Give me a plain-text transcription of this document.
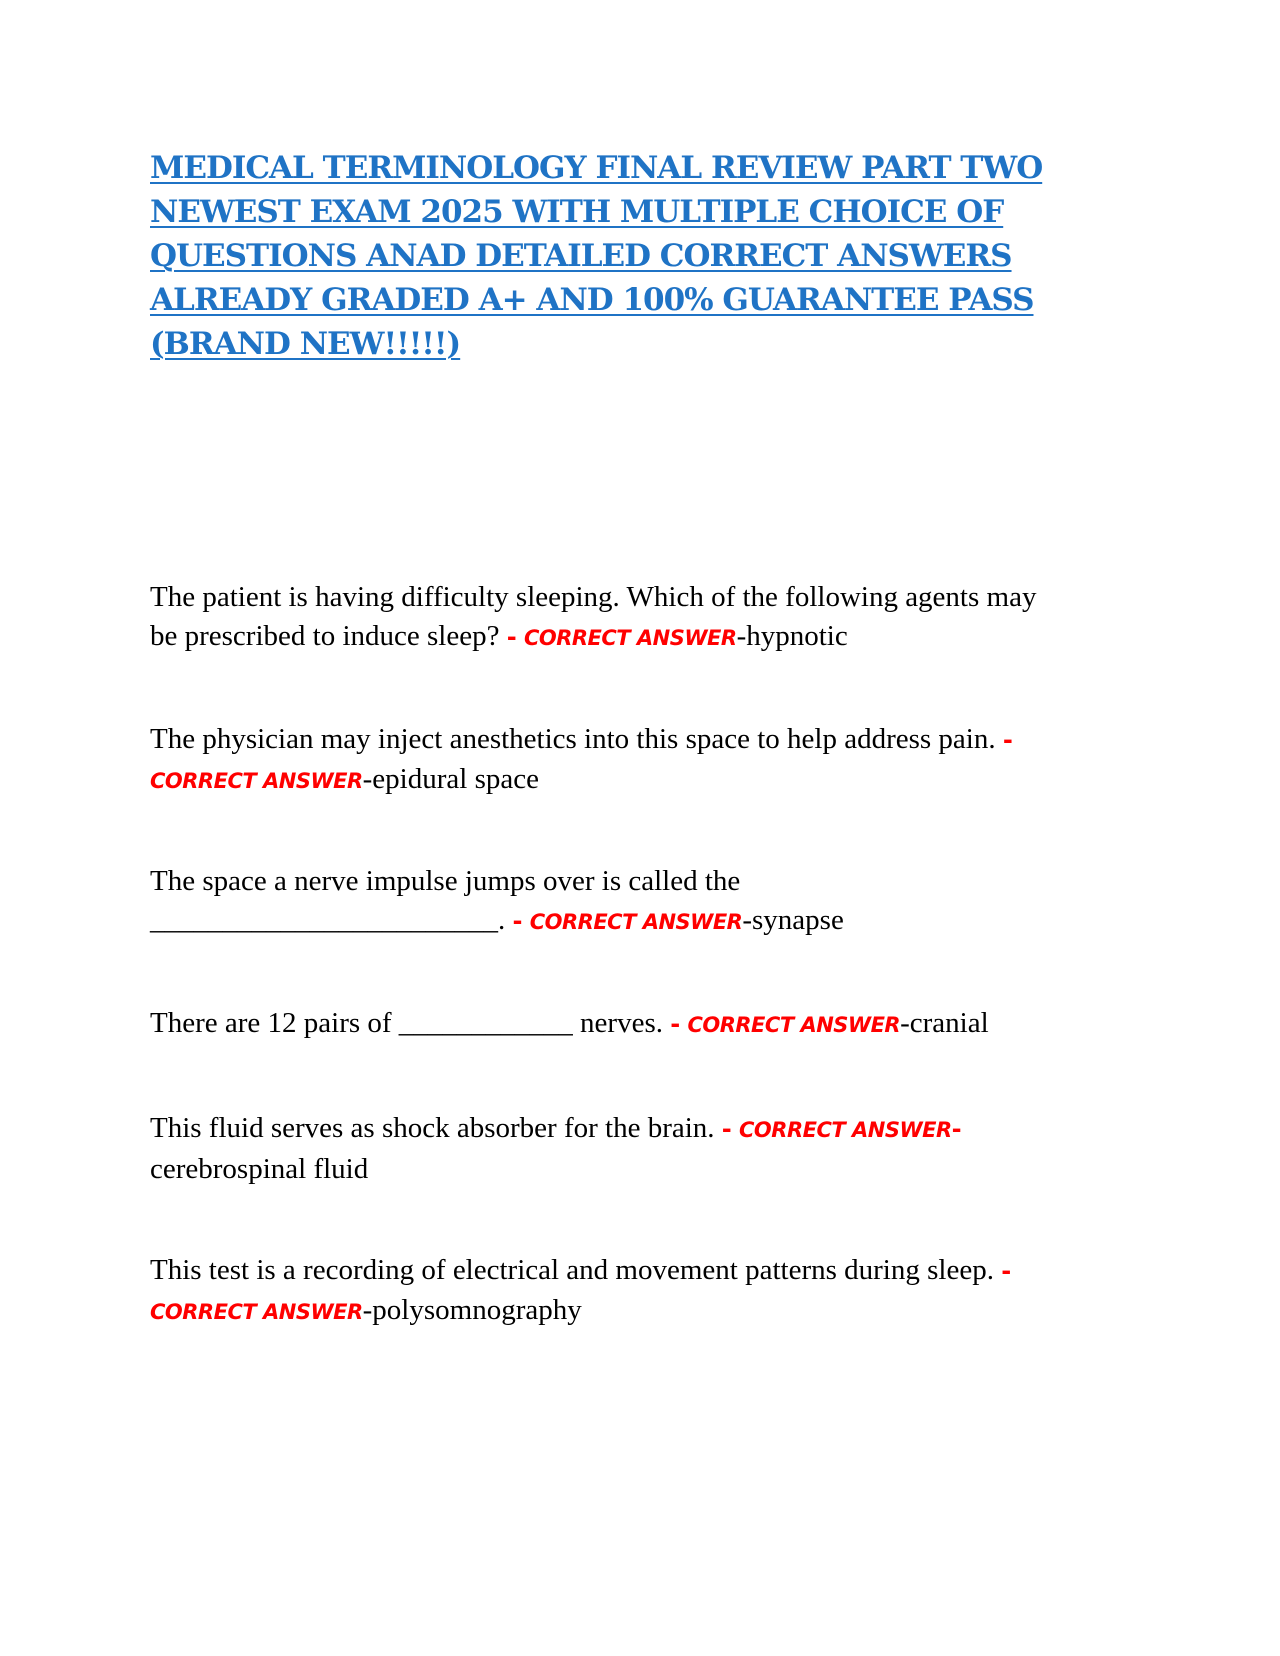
MEDICAL TERMINOLOGY FINAL REVIEW PART TWO
NEWEST EXAM 2025 WITH MULTIPLE CHOICE OF
QUESTIONS ANAD DETAILED CORRECT ANSWERS
ALREADY GRADED A+ AND 100% GUARANTEE PASS
(BRAND NEW!!!!!)

The patient is having difficulty sleeping. Which of the following agents may
be prescribed to induce sleep? - CORRECT ANSWER-hypnotic

The physician may inject anesthetics into this space to help address pain. -
CORRECT ANSWER-epidural space

The space a nerve impulse jumps over is called the
________________________. - CORRECT ANSWER-synapse

There are 12 pairs of ____________ nerves. - CORRECT ANSWER-cranial

This fluid serves as shock absorber for the brain. - CORRECT ANSWER-
cerebrospinal fluid

This test is a recording of electrical and movement patterns during sleep. -
CORRECT ANSWER-polysomnography
